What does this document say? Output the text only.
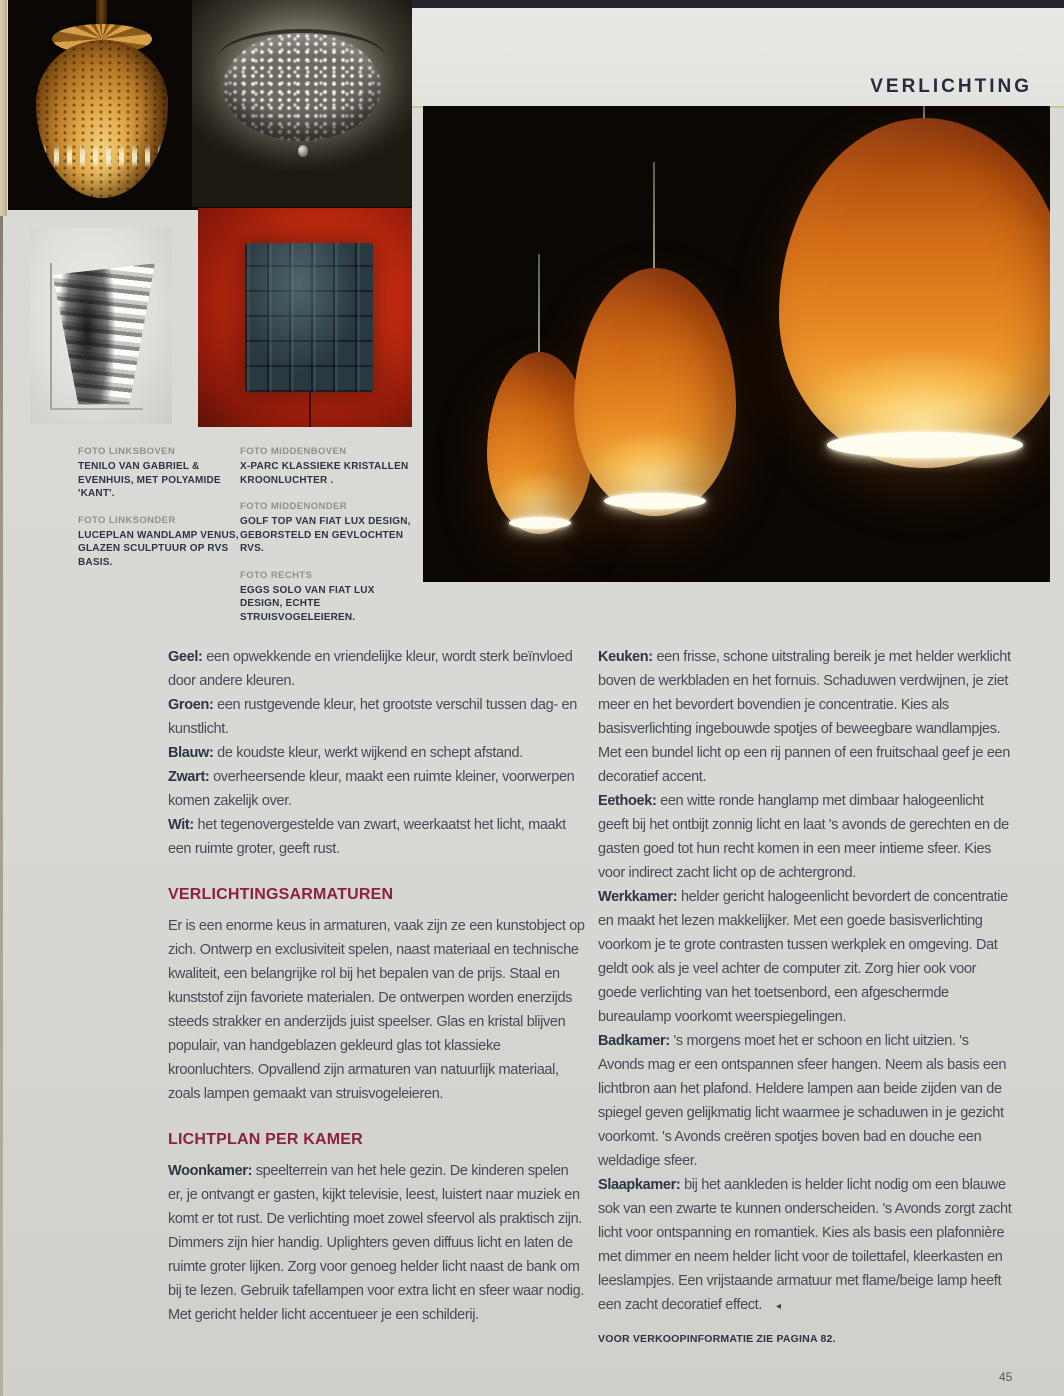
VERLICHTING
FOTO LINKSBOVEN
TENILO VAN GABRIEL & EVENHUIS, MET POLYAMIDE 'KANT'.
FOTO LINKSONDER
LUCEPLAN WANDLAMP VENUS, GLAZEN SCULPTUUR OP RVS BASIS.
FOTO MIDDENBOVEN
X-PARC KLASSIEKE KRISTALLEN KROONLUCHTER .
FOTO MIDDENONDER
GOLF TOP VAN FIAT LUX DESIGN, GEBORSTELD EN GEVLOCHTEN RVS.
FOTO RECHTS
EGGS SOLO VAN FIAT LUX DESIGN, ECHTE STRUISVOGELEIEREN.

Geel: een opwekkende en vriendelijke kleur, wordt sterk beïnvloed door andere kleuren.

Groen: een rustgevende kleur, het grootste verschil tussen dag- en kunstlicht.

Blauw: de koudste kleur, werkt wijkend en schept afstand.

Zwart: overheersende kleur, maakt een ruimte kleiner, voorwerpen komen zakelijk over.

Wit: het tegenovergestelde van zwart, weerkaatst het licht, maakt een ruimte groter, geeft rust.

VERLICHTINGSARMATUREN

Er is een enorme keus in armaturen, vaak zijn ze een kunstobject op zich. Ontwerp en exclusiviteit spelen, naast materiaal en technische kwaliteit, een belangrijke rol bij het bepalen van de prijs. Staal en kunststof zijn favoriete materialen. De ontwerpen worden enerzijds steeds strakker en anderzijds juist speelser. Glas en kristal blijven populair, van handgeblazen gekleurd glas tot klassieke kroonluchters. Opvallend zijn armaturen van natuurlijk materiaal, zoals lampen gemaakt van struisvogeleieren.

LICHTPLAN PER KAMER

Woonkamer: speelterrein van het hele gezin. De kinderen spelen er, je ontvangt er gasten, kijkt televisie, leest, luistert naar muziek en komt er tot rust. De verlichting moet zowel sfeervol als praktisch zijn. Dimmers zijn hier handig. Uplighters geven diffuus licht en laten de ruimte groter lijken. Zorg voor genoeg helder licht naast de bank om bij te lezen. Gebruik tafellampen voor extra licht en sfeer waar nodig. Met gericht helder licht accentueer je een schilderij.

Keuken: een frisse, schone uitstraling bereik je met helder werklicht boven de werkbladen en het fornuis. Schaduwen verdwijnen, je ziet meer en het bevordert bovendien je concentratie. Kies als basisverlichting ingebouwde spotjes of beweegbare wandlampjes. Met een bundel licht op een rij pannen of een fruitschaal geef je een decoratief accent.

Eethoek: een witte ronde hanglamp met dimbaar halogeenlicht geeft bij het ontbijt zonnig licht en laat 's avonds de gerechten en de gasten goed tot hun recht komen in een meer intieme sfeer. Kies voor indirect zacht licht op de achtergrond.

Werkkamer: helder gericht halogeenlicht bevordert de concentratie en maakt het lezen makkelijker. Met een goede basisverlichting voorkom je te grote contrasten tussen werkplek en omgeving. Dat geldt ook als je veel achter de computer zit. Zorg hier ook voor goede verlichting van het toetsenbord, een afgeschermde bureaulamp voorkomt weerspiegelingen.

Badkamer: 's morgens moet het er schoon en licht uitzien. 's Avonds mag er een ontspannen sfeer hangen. Neem als basis een lichtbron aan het plafond. Heldere lampen aan beide zijden van de spiegel geven gelijkmatig licht waarmee je schaduwen in je gezicht voorkomt. 's Avonds creëren spotjes boven bad en douche een weldadige sfeer.

Slaapkamer: bij het aankleden is helder licht nodig om een blauwe sok van een zwarte te kunnen onderscheiden. 's Avonds zorgt zacht licht voor ontspanning en romantiek. Kies als basis een plafonnière met dimmer en neem helder licht voor de toilettafel, kleerkasten en leeslampjes. Een vrijstaande armatuur met flame/beige lamp heeft een zacht decoratief effect. ◂

VOOR VERKOOPINFORMATIE ZIE PAGINA 82.
45
